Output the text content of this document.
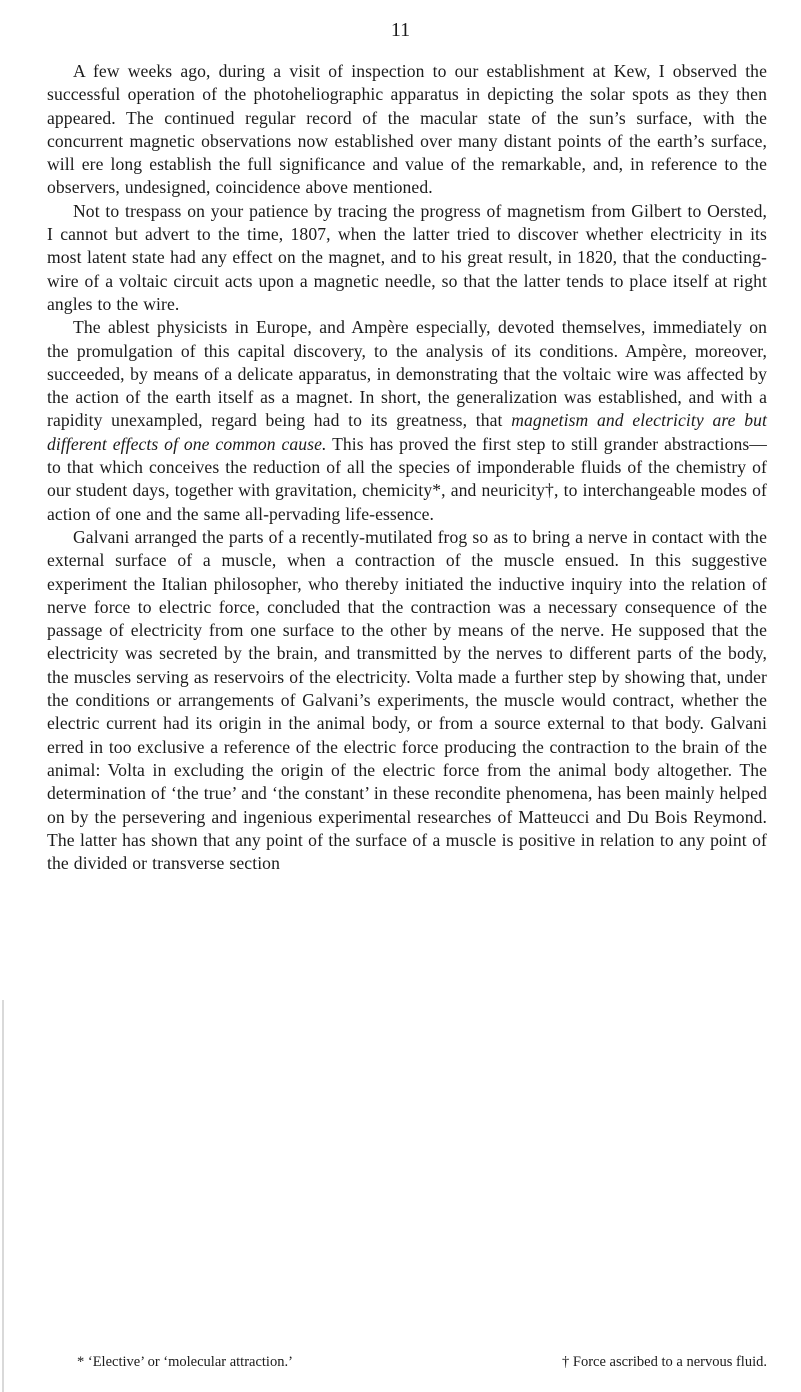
11

A few weeks ago, during a visit of inspection to our establishment at Kew, I observed the successful operation of the photoheliographic apparatus in depicting the solar spots as they then appeared. The continued regular record of the macular state of the sun’s surface, with the concurrent magnetic observations now established over many distant points of the earth’s surface, will ere long establish the full significance and value of the remarkable, and, in reference to the observers, undesigned, coincidence above mentioned.

Not to trespass on your patience by tracing the progress of magnetism from Gilbert to Oersted, I cannot but advert to the time, 1807, when the latter tried to discover whether electricity in its most latent state had any effect on the magnet, and to his great result, in 1820, that the conducting-wire of a voltaic circuit acts upon a magnetic needle, so that the latter tends to place itself at right angles to the wire.

The ablest physicists in Europe, and Ampère especially, devoted themselves, immediately on the promulgation of this capital discovery, to the analysis of its conditions. Ampère, moreover, succeeded, by means of a delicate apparatus, in demonstrating that the voltaic wire was affected by the action of the earth itself as a magnet. In short, the generalization was established, and with a rapidity unexampled, regard being had to its greatness, that magnetism and electricity are but different effects of one common cause. This has proved the first step to still grander abstractions—to that which conceives the reduction of all the species of imponderable fluids of the chemistry of our student days, together with gravitation, chemicity*, and neuricity†, to interchangeable modes of action of one and the same all-pervading life-essence.

Galvani arranged the parts of a recently-mutilated frog so as to bring a nerve in contact with the external surface of a muscle, when a contraction of the muscle ensued. In this suggestive experiment the Italian philosopher, who thereby initiated the inductive inquiry into the relation of nerve force to electric force, concluded that the contraction was a necessary consequence of the passage of electricity from one surface to the other by means of the nerve. He supposed that the electricity was secreted by the brain, and transmitted by the nerves to different parts of the body, the muscles serving as reservoirs of the electricity. Volta made a further step by showing that, under the conditions or arrangements of Galvani’s experiments, the muscle would contract, whether the electric current had its origin in the animal body, or from a source external to that body. Galvani erred in too exclusive a reference of the electric force producing the contraction to the brain of the animal: Volta in excluding the origin of the electric force from the animal body altogether. The determination of ‘the true’ and ‘the constant’ in these recondite phenomena, has been mainly helped on by the persevering and ingenious experimental researches of Matteucci and Du Bois Reymond. The latter has shown that any point of the surface of a muscle is positive in relation to any point of the divided or transverse section

* ‘Elective’ or ‘molecular attraction.’	† Force ascribed to a nervous fluid.
